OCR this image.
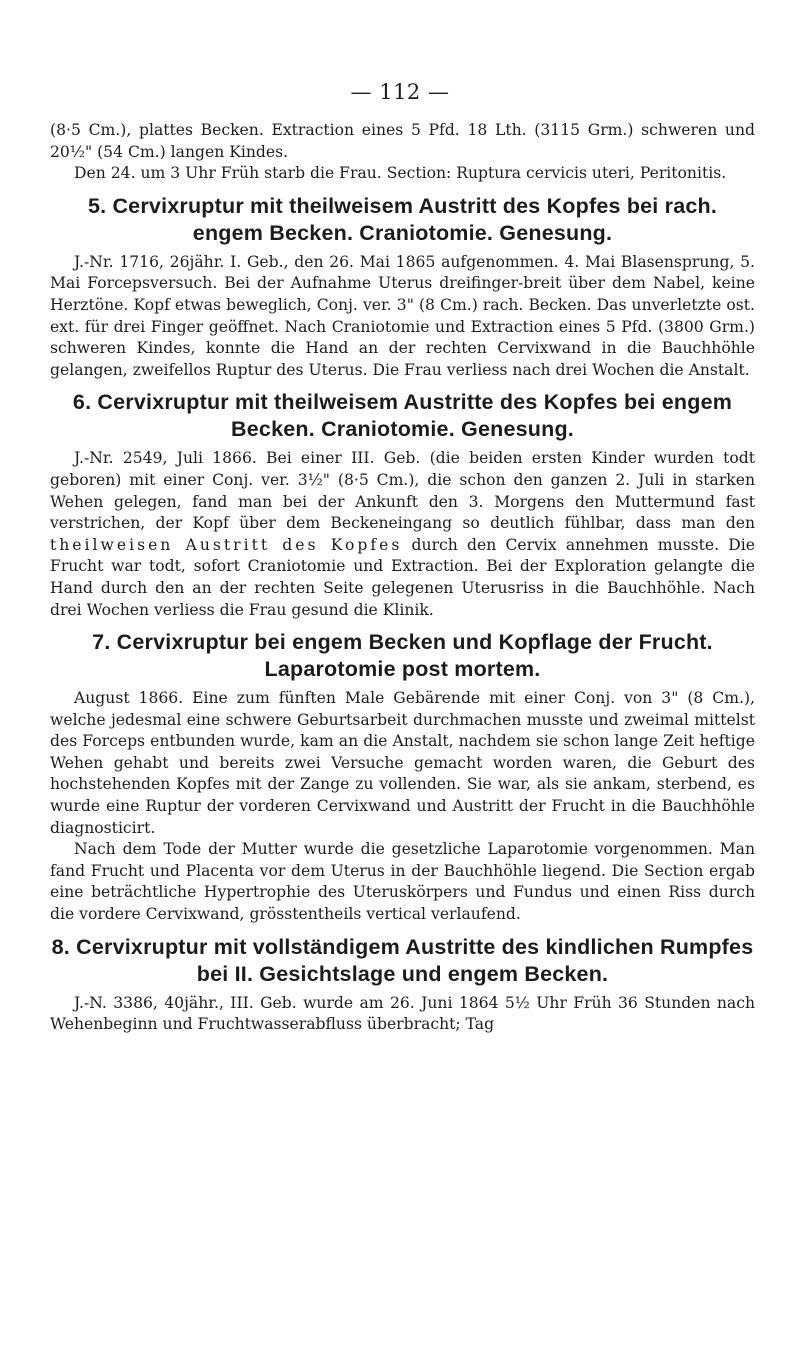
— 112 —

(8·5 Cm.), plattes Becken. Extraction eines 5 Pfd. 18 Lth. (3115 Grm.) schweren und 20½" (54 Cm.) langen Kindes.

Den 24. um 3 Uhr Früh starb die Frau. Section: Ruptura cervicis uteri, Peritonitis.

5. Cervixruptur mit theilweisem Austritt des Kopfes bei rach. engem Becken. Craniotomie. Genesung.

J.-Nr. 1716, 26jähr. I. Geb., den 26. Mai 1865 aufgenommen. 4. Mai Blasensprung, 5. Mai Forcepsversuch. Bei der Aufnahme Uterus dreifinger-breit über dem Nabel, keine Herztöne. Kopf etwas beweglich, Conj. ver. 3" (8 Cm.) rach. Becken. Das unverletzte ost. ext. für drei Finger geöffnet. Nach Craniotomie und Extraction eines 5 Pfd. (3800 Grm.) schweren Kindes, konnte die Hand an der rechten Cervixwand in die Bauchhöhle gelangen, zweifellos Ruptur des Uterus. Die Frau verliess nach drei Wochen die Anstalt.

6. Cervixruptur mit theilweisem Austritte des Kopfes bei engem Becken. Craniotomie. Genesung.

J.-Nr. 2549, Juli 1866. Bei einer III. Geb. (die beiden ersten Kinder wurden todt geboren) mit einer Conj. ver. 3½" (8·5 Cm.), die schon den ganzen 2. Juli in starken Wehen gelegen, fand man bei der Ankunft den 3. Morgens den Muttermund fast verstrichen, der Kopf über dem Beckeneingang so deutlich fühlbar, dass man den theilweisen Austritt des Kopfes durch den Cervix annehmen musste. Die Frucht war todt, sofort Craniotomie und Extraction. Bei der Exploration gelangte die Hand durch den an der rechten Seite gelegenen Uterusriss in die Bauchhöhle. Nach drei Wochen verliess die Frau gesund die Klinik.

7. Cervixruptur bei engem Becken und Kopflage der Frucht. Laparotomie post mortem.

August 1866. Eine zum fünften Male Gebärende mit einer Conj. von 3" (8 Cm.), welche jedesmal eine schwere Geburtsarbeit durchmachen musste und zweimal mittelst des Forceps entbunden wurde, kam an die Anstalt, nachdem sie schon lange Zeit heftige Wehen gehabt und bereits zwei Versuche gemacht worden waren, die Geburt des hochstehenden Kopfes mit der Zange zu vollenden. Sie war, als sie ankam, sterbend, es wurde eine Ruptur der vorderen Cervixwand und Austritt der Frucht in die Bauchhöhle diagnosticirt.

Nach dem Tode der Mutter wurde die gesetzliche Laparotomie vorgenommen. Man fand Frucht und Placenta vor dem Uterus in der Bauchhöhle liegend. Die Section ergab eine beträchtliche Hypertrophie des Uteruskörpers und Fundus und einen Riss durch die vordere Cervixwand, grösstentheils vertical verlaufend.

8. Cervixruptur mit vollständigem Austritte des kindlichen Rumpfes bei II. Gesichtslage und engem Becken.

J.-N. 3386, 40jähr., III. Geb. wurde am 26. Juni 1864 5½ Uhr Früh 36 Stunden nach Wehenbeginn und Fruchtwasserabfluss überbracht; Tag
